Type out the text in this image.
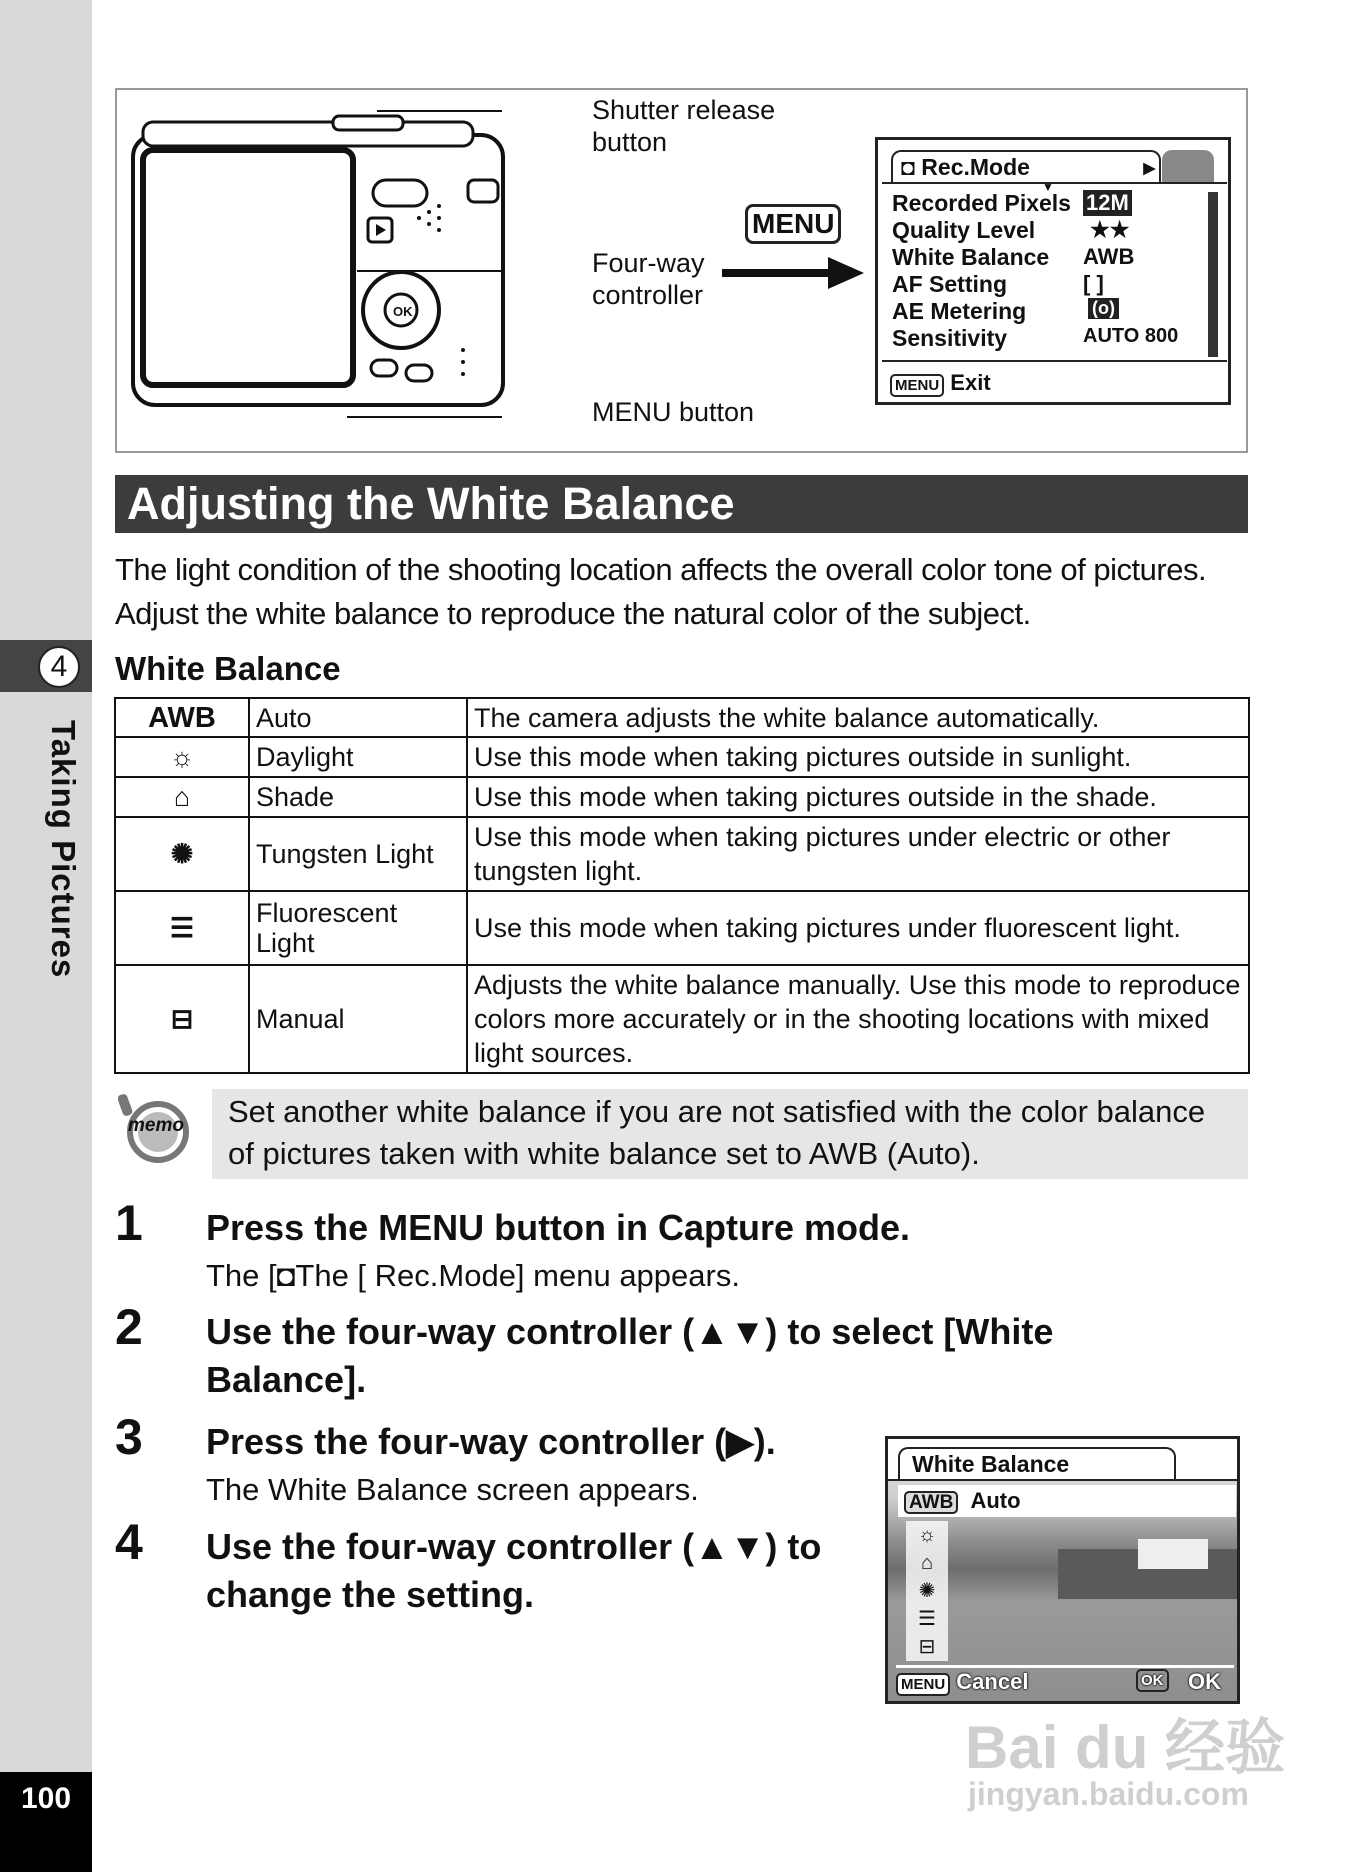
4
Taking Pictures
100
OK
Shutter release
button
Four-way
controller
MENU button
MENU
◘ Rec.Mode	▸
▼
Recorded Pixels 12M
Quality Level ★★
White Balance AWB
AF Setting	[ ]
AE Metering	(o)
Sensitivity	AUTO 800
MENU Exit
Adjusting the White Balance
The light condition of the shooting location affects the overall color tone of pictures. Adjust the white balance to reproduce the natural color of the subject.
White Balance
AWB	Auto	The camera adjusts the white balance automatically.
☼	Daylight	Use this mode when taking pictures outside in sunlight.
⌂	Shade	Use this mode when taking pictures outside in the shade.
✺	Tungsten Light	Use this mode when taking pictures under electric or other tungsten light.
☰	Fluorescent Light	Use this mode when taking pictures under fluorescent light.
⊟	Manual	Adjusts the white balance manually. Use this mode to reproduce colors more accurately or in the shooting locations with mixed light sources.
memo	Set another white balance if you are not satisfied with the color balance of pictures taken with white balance set to AWB (Auto).
1 Press the MENU button in Capture mode.
The [◘The [ Rec.Mode] menu appears.
2 Use the four-way controller (▲▼) to select [White Balance].
3 Press the four-way controller (▶).
The White Balance screen appears.
4 Use the four-way controller (▲▼) to change the setting.
White Balance
AWB Auto
☼
⌂
✺
☰
⊟
MENU Cancel	OK OK
Bai du 经验
jingyan.baidu.com
